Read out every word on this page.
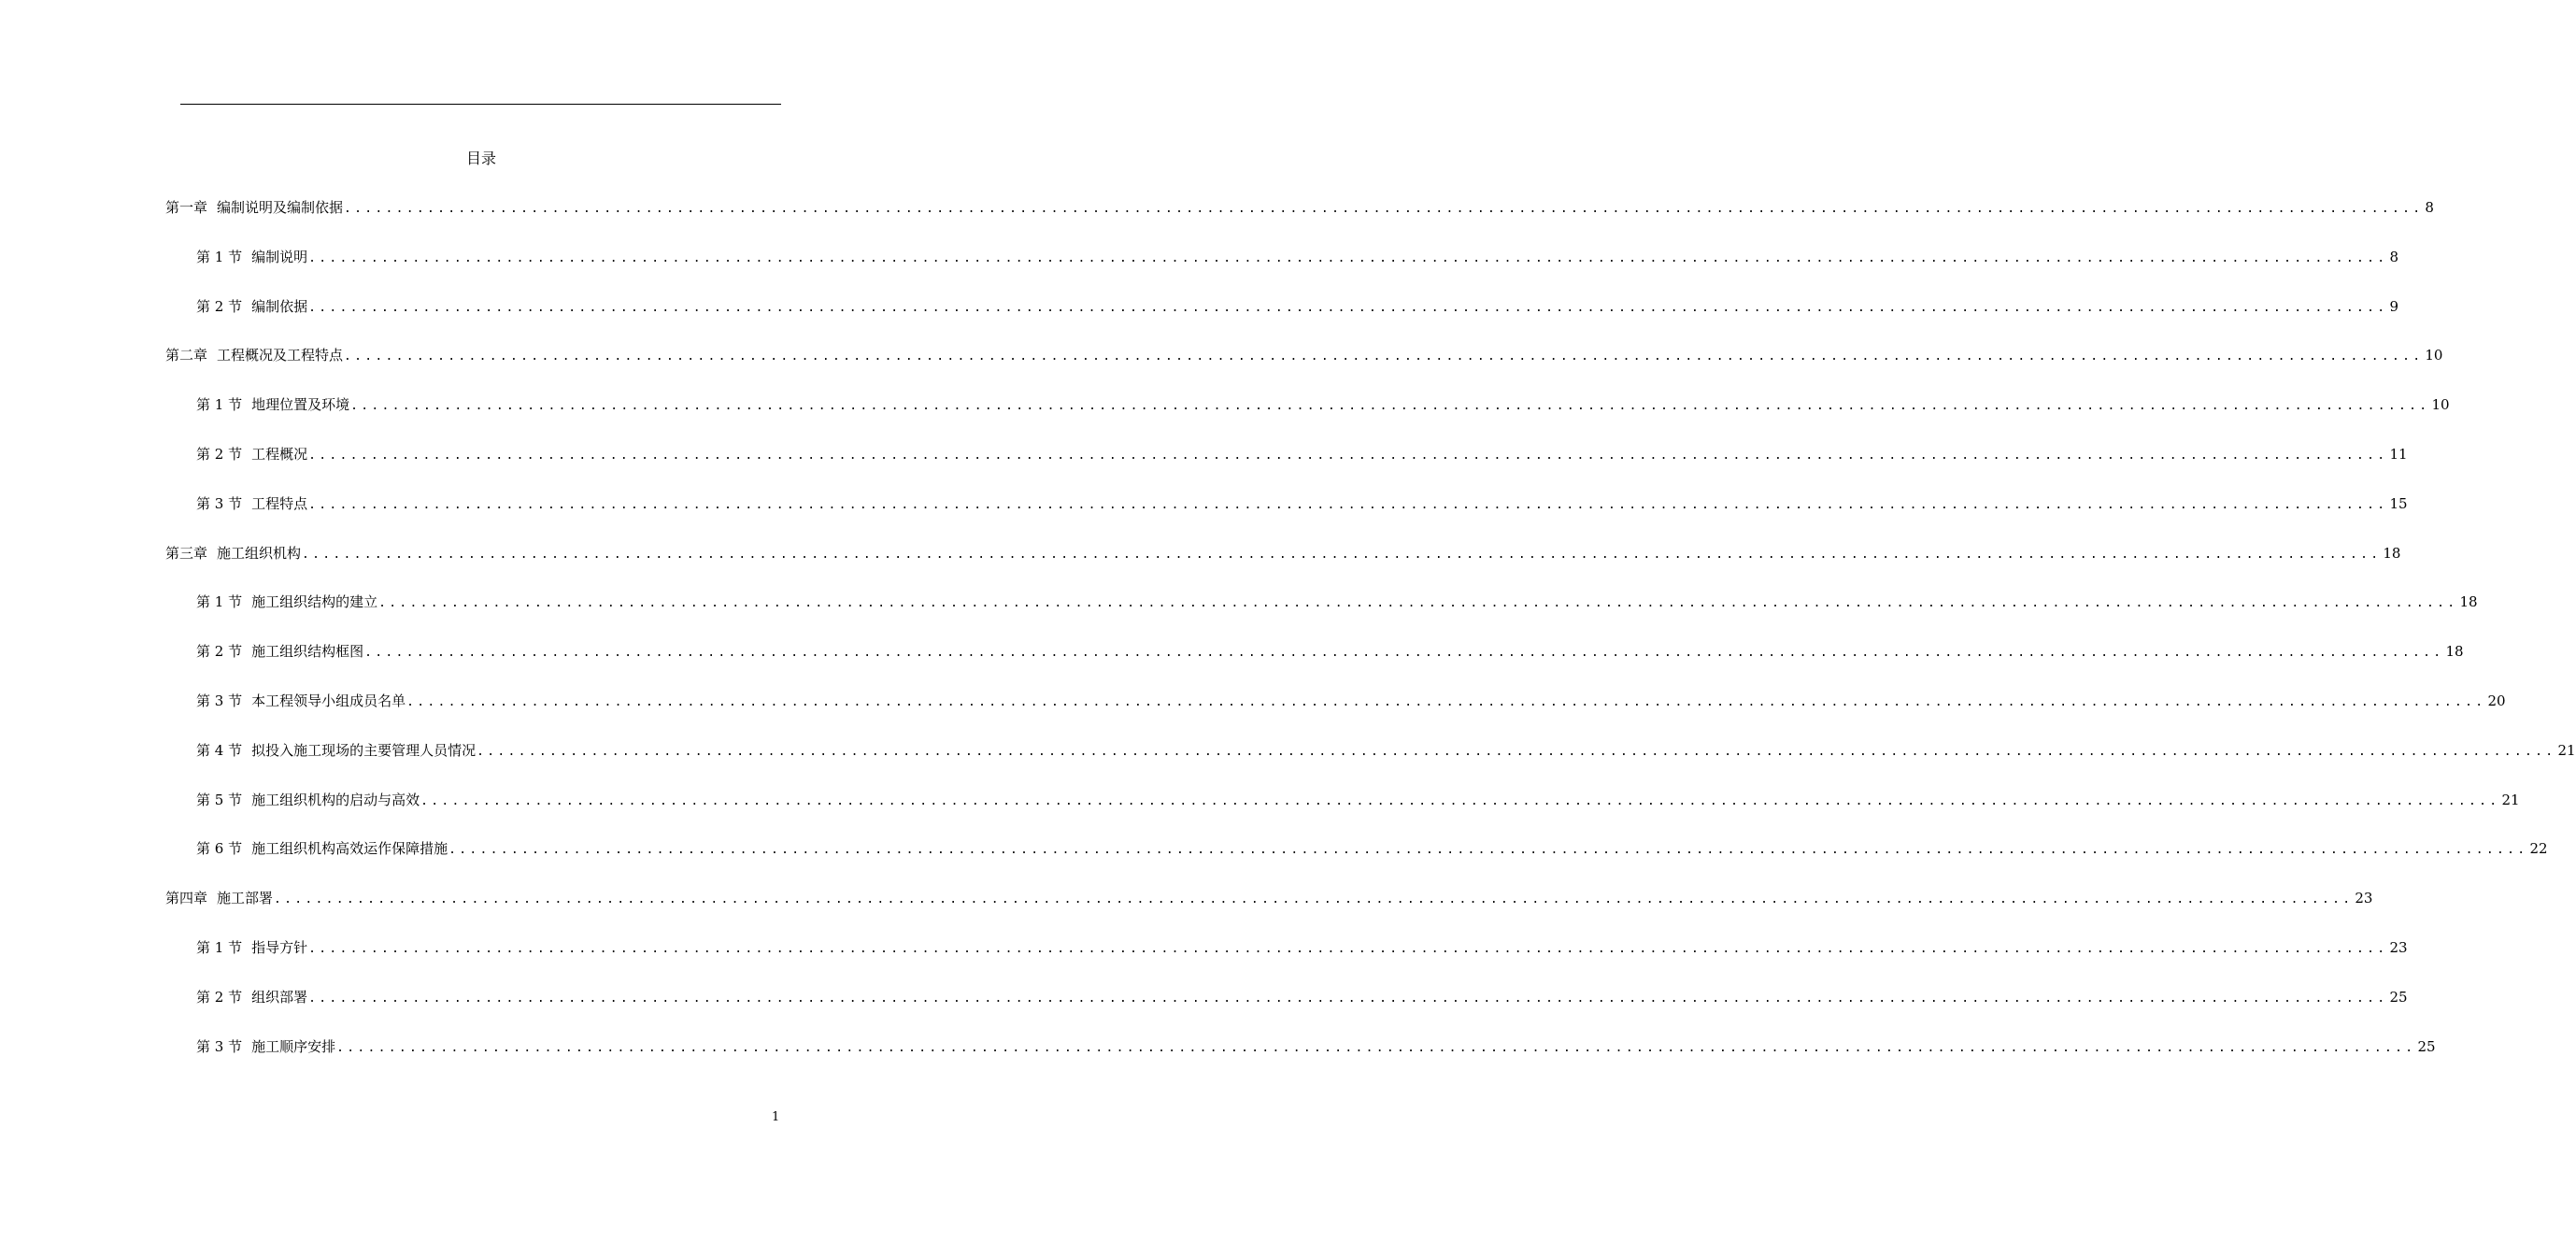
目录
第一章 编制说明及编制依据 ........................................................................................................................................................................................................ 8
第 1 节 编制说明 ........................................................................................................................................................................................................ 8
第 2 节 编制依据 ........................................................................................................................................................................................................ 9
第二章 工程概况及工程特点 ........................................................................................................................................................................................................ 10
第 1 节 地理位置及环境 ........................................................................................................................................................................................................ 10
第 2 节 工程概况 ........................................................................................................................................................................................................ 11
第 3 节 工程特点 ........................................................................................................................................................................................................ 15
第三章 施工组织机构 ........................................................................................................................................................................................................ 18
第 1 节 施工组织结构的建立 ........................................................................................................................................................................................................ 18
第 2 节 施工组织结构框图 ........................................................................................................................................................................................................ 18
第 3 节 本工程领导小组成员名单 ........................................................................................................................................................................................................ 20
第 4 节 拟投入施工现场的主要管理人员情况 ........................................................................................................................................................................................................ 21
第 5 节 施工组织机构的启动与高效 ........................................................................................................................................................................................................ 21
第 6 节 施工组织机构高效运作保障措施 ........................................................................................................................................................................................................ 22
第四章 施工部署 ........................................................................................................................................................................................................ 23
第 1 节 指导方针 ........................................................................................................................................................................................................ 23
第 2 节 组织部署 ........................................................................................................................................................................................................ 25
第 3 节 施工顺序安排 ........................................................................................................................................................................................................ 25
1
